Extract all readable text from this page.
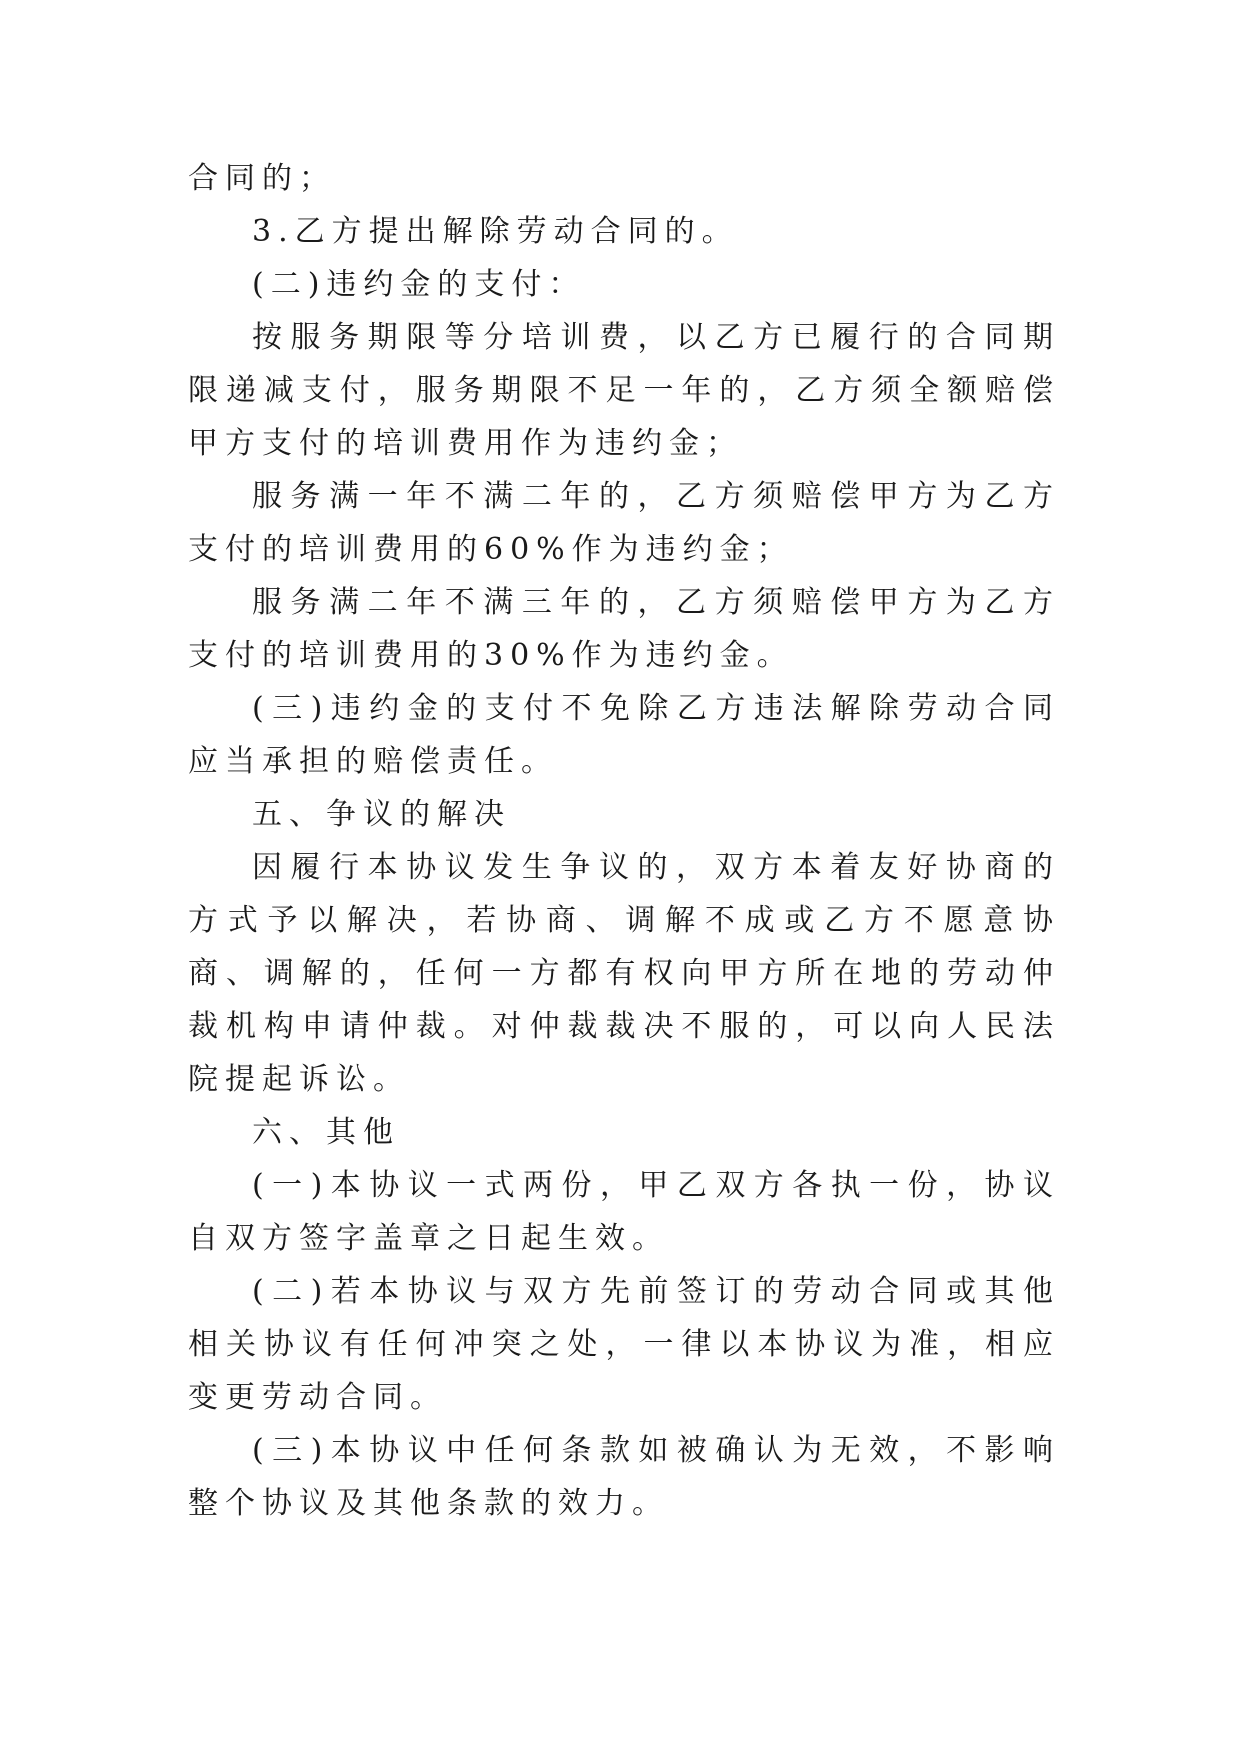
合同的；

3.乙方提出解除劳动合同的。

(二)违约金的支付：

按服务期限等分培训费，以乙方已履行的合同期限递减支付，服务期限不足一年的，乙方须全额赔偿甲方支付的培训费用作为违约金；

服务满一年不满二年的，乙方须赔偿甲方为乙方支付的培训费用的60%作为违约金；

服务满二年不满三年的，乙方须赔偿甲方为乙方支付的培训费用的30%作为违约金。

(三)违约金的支付不免除乙方违法解除劳动合同应当承担的赔偿责任。

五、争议的解决

因履行本协议发生争议的，双方本着友好协商的方式予以解决，若协商、调解不成或乙方不愿意协商、调解的，任何一方都有权向甲方所在地的劳动仲裁机构申请仲裁。对仲裁裁决不服的，可以向人民法院提起诉讼。

六、其他

(一)本协议一式两份，甲乙双方各执一份，协议自双方签字盖章之日起生效。

(二)若本协议与双方先前签订的劳动合同或其他相关协议有任何冲突之处，一律以本协议为准，相应变更劳动合同。

(三)本协议中任何条款如被确认为无效，不影响整个协议及其他条款的效力。
